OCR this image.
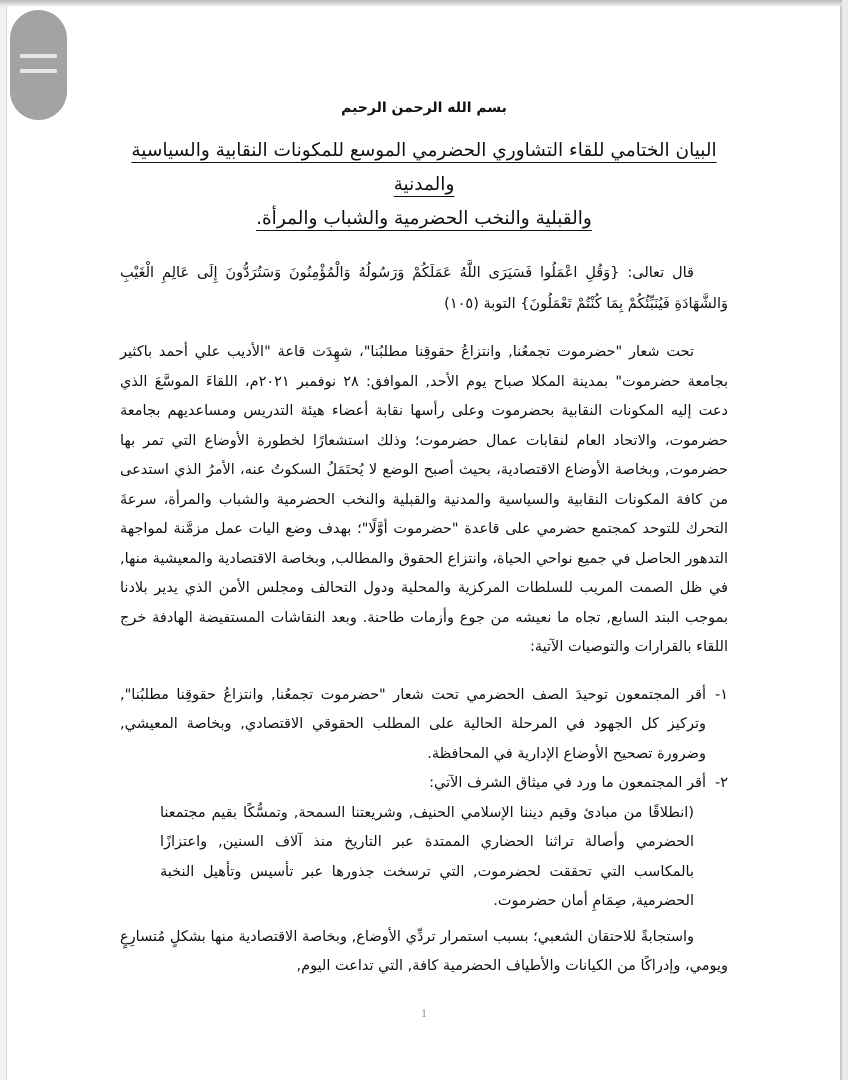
بسم الله الرحمن الرحيم
البيان الختامي للقاء التشاوري الحضرمي الموسع للمكونات النقابية والسياسية والمدنية
والقبلية والنخب الحضرمية والشباب والمرأة.

قال تعالى: {وَقُلِ اعْمَلُوا فَسَيَرَى اللَّهُ عَمَلَكُمْ وَرَسُولُهُ وَالْمُؤْمِنُونَ وَسَتُرَدُّونَ إِلَى عَالِمِ الْغَيْبِ وَالشَّهَادَةِ فَيُنَبِّئُكُمْ بِمَا كُنْتُمْ تَعْمَلُونَ} التوبة (١٠٥)

تحت شعار "حضرموت تجمعُنا, وانتزاعُ حقوقِنا مطلبُنا"، شهِدَت قاعة "الأديب علي أحمد باكثير بجامعة حضرموت" بمدينة المكلا صباح يوم الأحد, الموافق: ٢٨ نوفمبر ٢٠٢١م، اللقاءَ الموسَّعَ الذي دعت إليه المكونات النقابية بحضرموت وعلى رأسها نقابة أعضاء هيئة التدريس ومساعديهم بجامعة حضرموت، والاتحاد العام لنقابات عمال حضرموت؛ وذلك استشعارًا لخطورة الأوضاع التي تمر بها حضرموت, وبخاصة الأوضاع الاقتصادية، بحيث أصبح الوضع لا يُحتَمَلُ السكوتُ عنه، الأمرُ الذي استدعى من كافة المكونات النقابية والسياسية والمدنية والقبلية والنخب الحضرمية والشباب والمرأة، سرعةَ التحرك للتوحد كمجتمع حضرمي على قاعدة "حضرموت أوَّلًا"؛ بهدف وضع اليات عمل مزمَّنة لمواجهة التدهور الحاصل في جميع نواحي الحياة، وانتزاع الحقوق والمطالب, وبخاصة الاقتصادية والمعيشية منها, في ظل الصمت المريب للسلطات المركزية والمحلية ودول التحالف ومجلس الأمن الذي يدير بلادنا بموجب البند السابع, تجاه ما نعيشه من جوع وأزمات طاحنة. وبعد النقاشات المستفيضة الهادفة خرج اللقاء بالقرارات والتوصيات الآتية:

١-
أقر المجتمعون توحيدَ الصف الحضرمي تحت شعار "حضرموت تجمعُنا, وانتزاعُ حقوقِنا مطلبُنا", وتركيز كل الجهود في المرحلة الحالية على المطلب الحقوقي الاقتصادي, وبخاصة المعيشي, وضرورة تصحيح الأوضاع الإدارية في المحافظة.
٢-
أقر المجتمعون ما ورد في ميثاق الشرف الآتي:
(انطلاقًا من مبادئ وقيم ديننا الإسلامي الحنيف, وشريعتنا السمحة, وتمسُّكًا بقيم مجتمعنا الحضرمي وأصالة تراثنا الحضاري الممتدة عبر التاريخ منذ آلاف السنين, واعتزازًا بالمكاسب التي تحققت لحضرموت, التي ترسخت جذورها عبر تأسيس وتأهيل النخبة الحضرمية, صِمَامِ أمان حضرموت.

واستجابةً للاحتقان الشعبي؛ بسبب استمرار تردِّي الأوضاع, وبخاصة الاقتصادية منها بشكلٍ مُتسارِعٍ ويومي، وإدراكًا من الكيانات والأطياف الحضرمية كافة, التي تداعت اليوم,

1
